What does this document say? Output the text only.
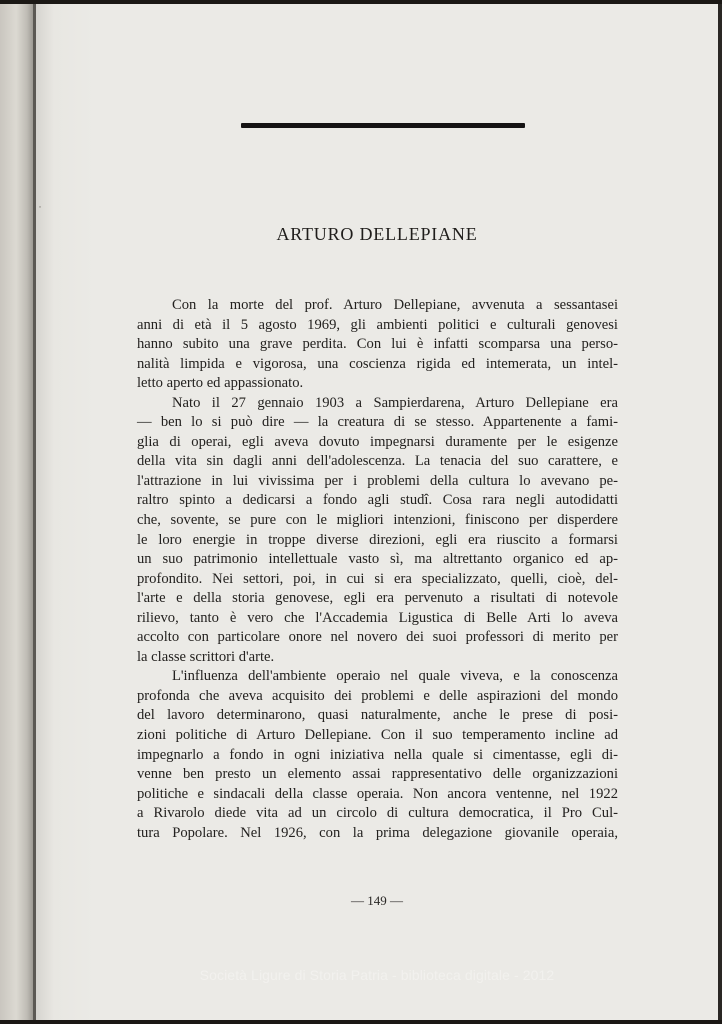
˙
ARTURO DELLEPIANE

Con la morte del prof. Arturo Dellepiane, avvenuta a sessantasei
anni di età il 5 agosto 1969, gli ambienti politici e culturali genovesi
hanno subito una grave perdita. Con lui è infatti scomparsa una perso-
nalità limpida e vigorosa, una coscienza rigida ed intemerata, un intel-
letto aperto ed appassionato.

Nato il 27 gennaio 1903 a Sampierdarena, Arturo Dellepiane era
— ben lo si può dire — la creatura di se stesso. Appartenente a fami-
glia di operai, egli aveva dovuto impegnarsi duramente per le esigenze
della vita sin dagli anni dell'adolescenza. La tenacia del suo carattere, e
l'attrazione in lui vivissima per i problemi della cultura lo avevano pe-
raltro spinto a dedicarsi a fondo agli studî. Cosa rara negli autodidatti
che, sovente, se pure con le migliori intenzioni, finiscono per disperdere
le loro energie in troppe diverse direzioni, egli era riuscito a formarsi
un suo patrimonio intellettuale vasto sì, ma altrettanto organico ed ap-
profondito. Nei settori, poi, in cui si era specializzato, quelli, cioè, del-
l'arte e della storia genovese, egli era pervenuto a risultati di notevole
rilievo, tanto è vero che l'Accademia Ligustica di Belle Arti lo aveva
accolto con particolare onore nel novero dei suoi professori di merito per
la classe scrittori d'arte.

L'influenza dell'ambiente operaio nel quale viveva, e la conoscenza
profonda che aveva acquisito dei problemi e delle aspirazioni del mondo
del lavoro determinarono, quasi naturalmente, anche le prese di posi-
zioni politiche di Arturo Dellepiane. Con il suo temperamento incline ad
impegnarlo a fondo in ogni iniziativa nella quale si cimentasse, egli di-
venne ben presto un elemento assai rappresentativo delle organizzazioni
politiche e sindacali della classe operaia. Non ancora ventenne, nel 1922
a Rivarolo diede vita ad un circolo di cultura democratica, il Pro Cul-
tura Popolare. Nel 1926, con la prima delegazione giovanile operaia,

— 149 —
Società Ligure di Storia Patria - biblioteca digitale - 2012
